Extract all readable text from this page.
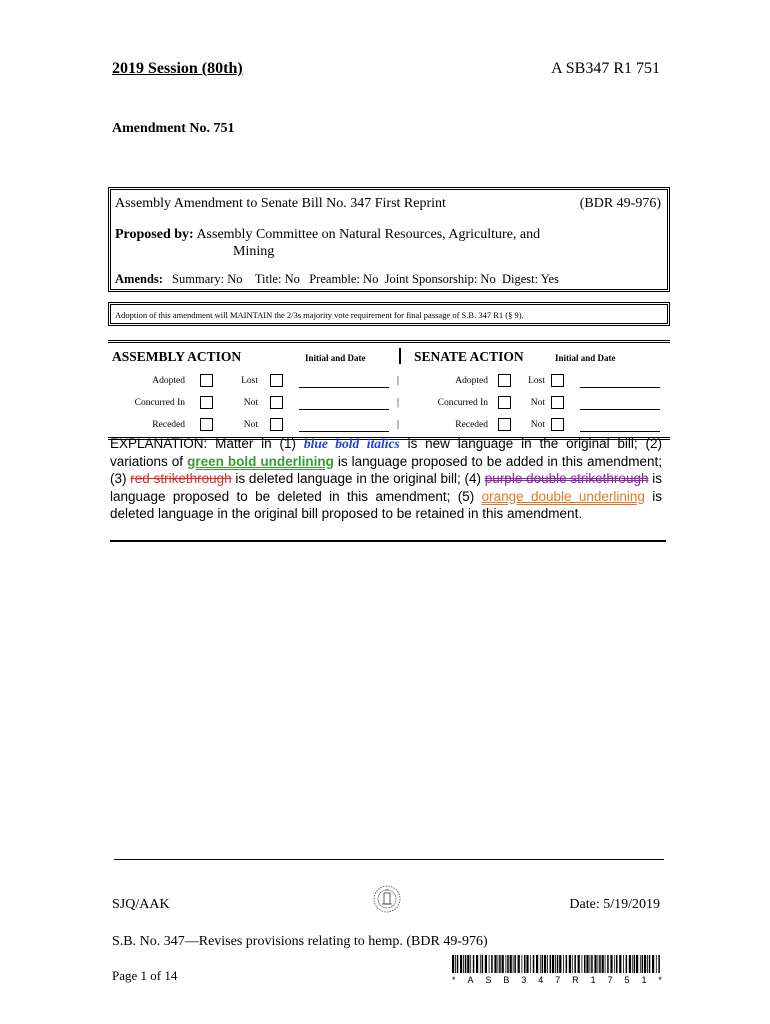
2019 Session (80th)	A SB347 R1 751
Amendment No. 751
Assembly Amendment to Senate Bill No. 347 First Reprint	(BDR 49-976)
Proposed by: Assembly Committee on Natural Resources, Agriculture, and
Mining
Amends: Summary: No Title: No Preamble: No Joint Sponsorship: No Digest: Yes
Adoption of this amendment will MAINTAIN the 2/3s majority vote requirement for final passage of S.B. 347 R1 (§ 9).
ASSEMBLY ACTION	Initial and Date	SENATE ACTION	Initial and Date
Adopted	Lost	|	Adopted	Lost
Concurred In	Not	|	Concurred In	Not
Receded	Not	|	Receded	Not
EXPLANATION: Matter in (1) blue bold italics is new language in the original bill; (2) variations of green bold underlining is language proposed to be added in this amendment; (3) red strikethrough is deleted language in the original bill; (4) purple double strikethrough is language proposed to be deleted in this amendment; (5) orange double underlining is deleted language in the original bill proposed to be retained in this amendment.
SJQ/AAK	Date: 5/19/2019
S.B. No. 347—Revises provisions relating to hemp. (BDR 49-976)
Page 1 of 14	* A S B 3 4 7 R 1 7 5 1 *
